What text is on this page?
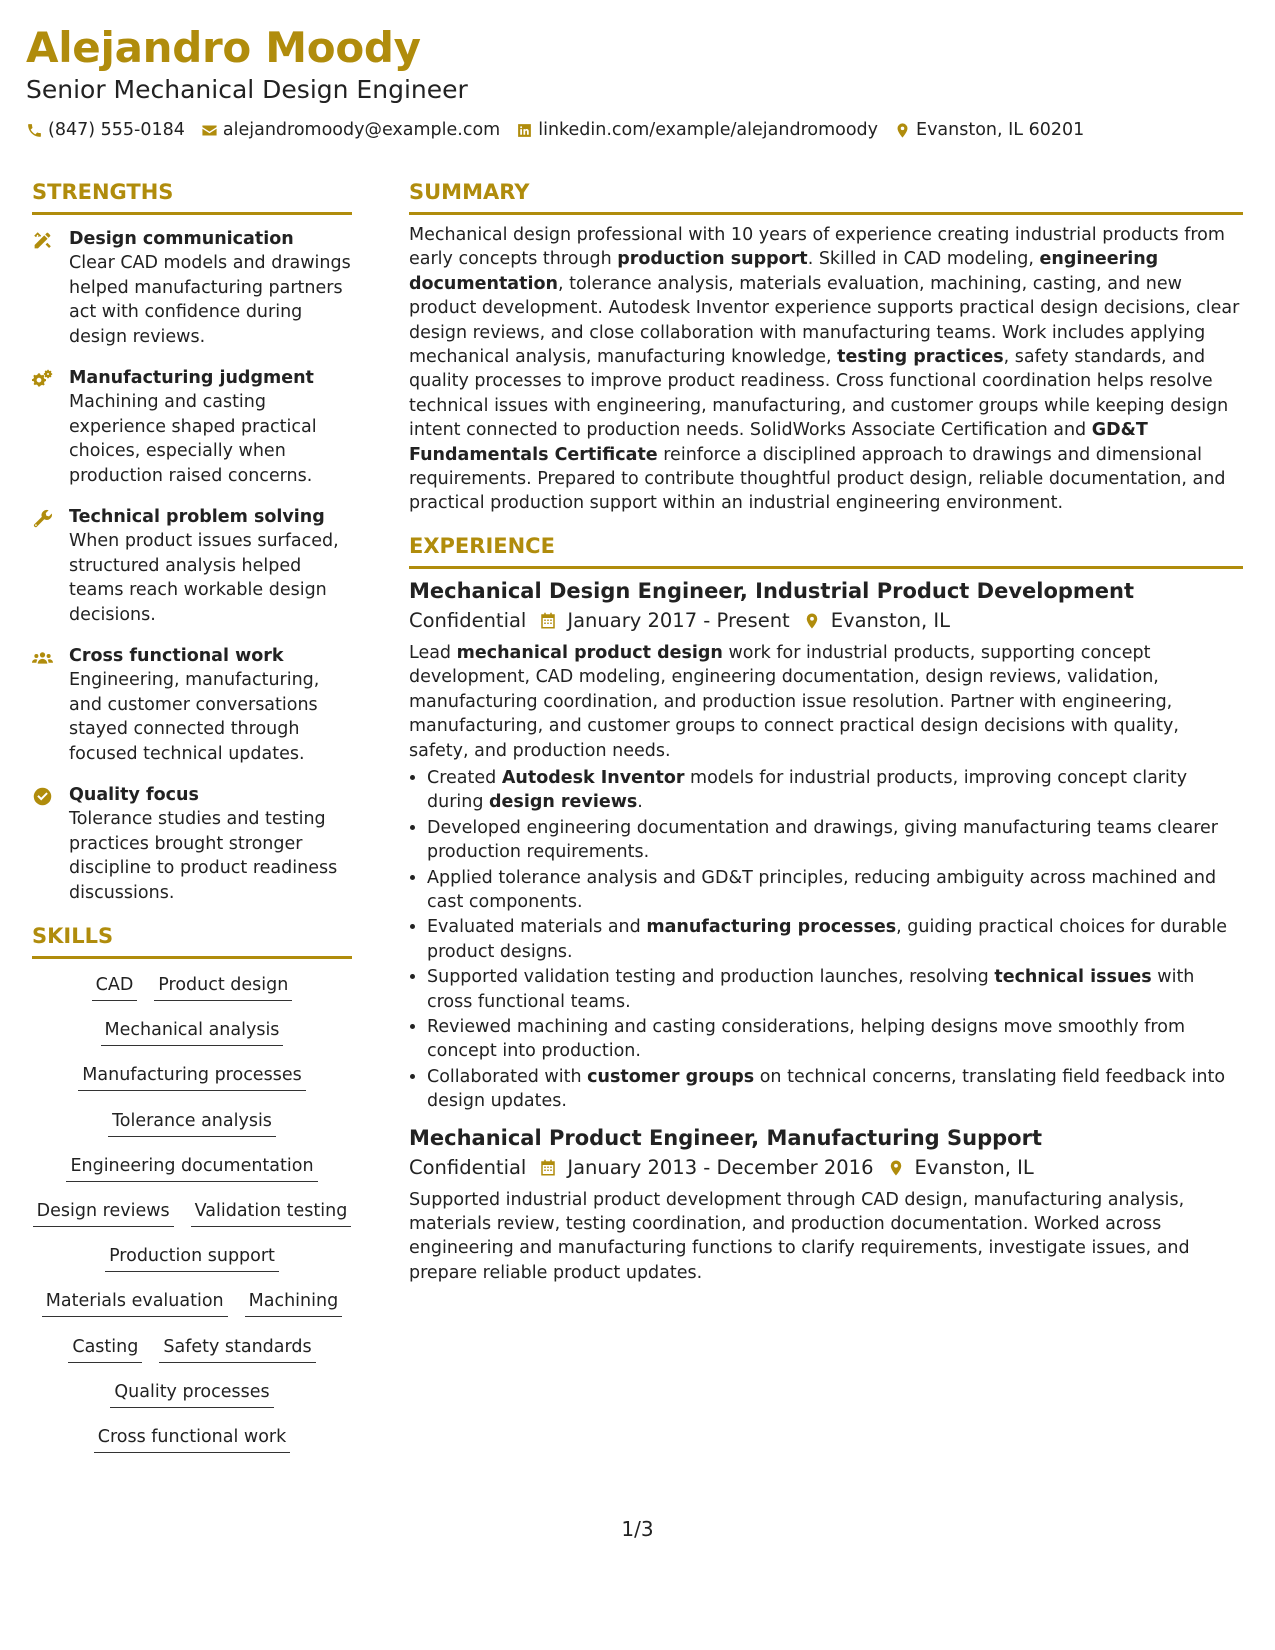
Alejandro Moody
Senior Mechanical Design Engineer
(847) 555-0184 alejandromoody@example.com linkedin.com/example/alejandromoody Evanston, IL 60201
STRENGTHS
Design communication
Clear CAD models and drawings helped manufacturing partners act with confidence during design reviews.
Manufacturing judgment
Machining and casting experience shaped practical choices, especially when production raised concerns.
Technical problem solving
When product issues surfaced, structured analysis helped teams reach workable design decisions.
Cross functional work
Engineering, manufacturing, and customer conversations stayed connected through focused technical updates.
Quality focus
Tolerance studies and testing practices brought stronger discipline to product readiness discussions.
SKILLS
CAD Product design
Mechanical analysis
Manufacturing processes
Tolerance analysis
Engineering documentation
Design reviews Validation testing
Production support
Materials evaluation Machining
Casting Safety standards
Quality processes
Cross functional work
SUMMARY
Mechanical design professional with 10 years of experience creating industrial products from early concepts through production support. Skilled in CAD modeling, engineering documentation, tolerance analysis, materials evaluation, machining, casting, and new product development. Autodesk Inventor experience supports practical design decisions, clear design reviews, and close collaboration with manufacturing teams. Work includes applying mechanical analysis, manufacturing knowledge, testing practices, safety standards, and quality processes to improve product readiness. Cross functional coordination helps resolve technical issues with engineering, manufacturing, and customer groups while keeping design intent connected to production needs. SolidWorks Associate Certification and GD&T Fundamentals Certificate reinforce a disciplined approach to drawings and dimensional requirements. Prepared to contribute thoughtful product design, reliable documentation, and practical production support within an industrial engineering environment.
EXPERIENCE
Mechanical Design Engineer, Industrial Product Development
Confidential January 2017 - Present Evanston, IL
Lead mechanical product design work for industrial products, supporting concept development, CAD modeling, engineering documentation, design reviews, validation, manufacturing coordination, and production issue resolution. Partner with engineering, manufacturing, and customer groups to connect practical design decisions with quality, safety, and production needs.
• Created Autodesk Inventor models for industrial products, improving concept clarity during design reviews.
• Developed engineering documentation and drawings, giving manufacturing teams clearer production requirements.
• Applied tolerance analysis and GD&T principles, reducing ambiguity across machined and cast components.
• Evaluated materials and manufacturing processes, guiding practical choices for durable product designs.
• Supported validation testing and production launches, resolving technical issues with cross functional teams.
• Reviewed machining and casting considerations, helping designs move smoothly from concept into production.
• Collaborated with customer groups on technical concerns, translating field feedback into design updates.
Mechanical Product Engineer, Manufacturing Support
Confidential January 2013 - December 2016 Evanston, IL
Supported industrial product development through CAD design, manufacturing analysis, materials review, testing coordination, and production documentation. Worked across engineering and manufacturing functions to clarify requirements, investigate issues, and prepare reliable product updates.
1/3
